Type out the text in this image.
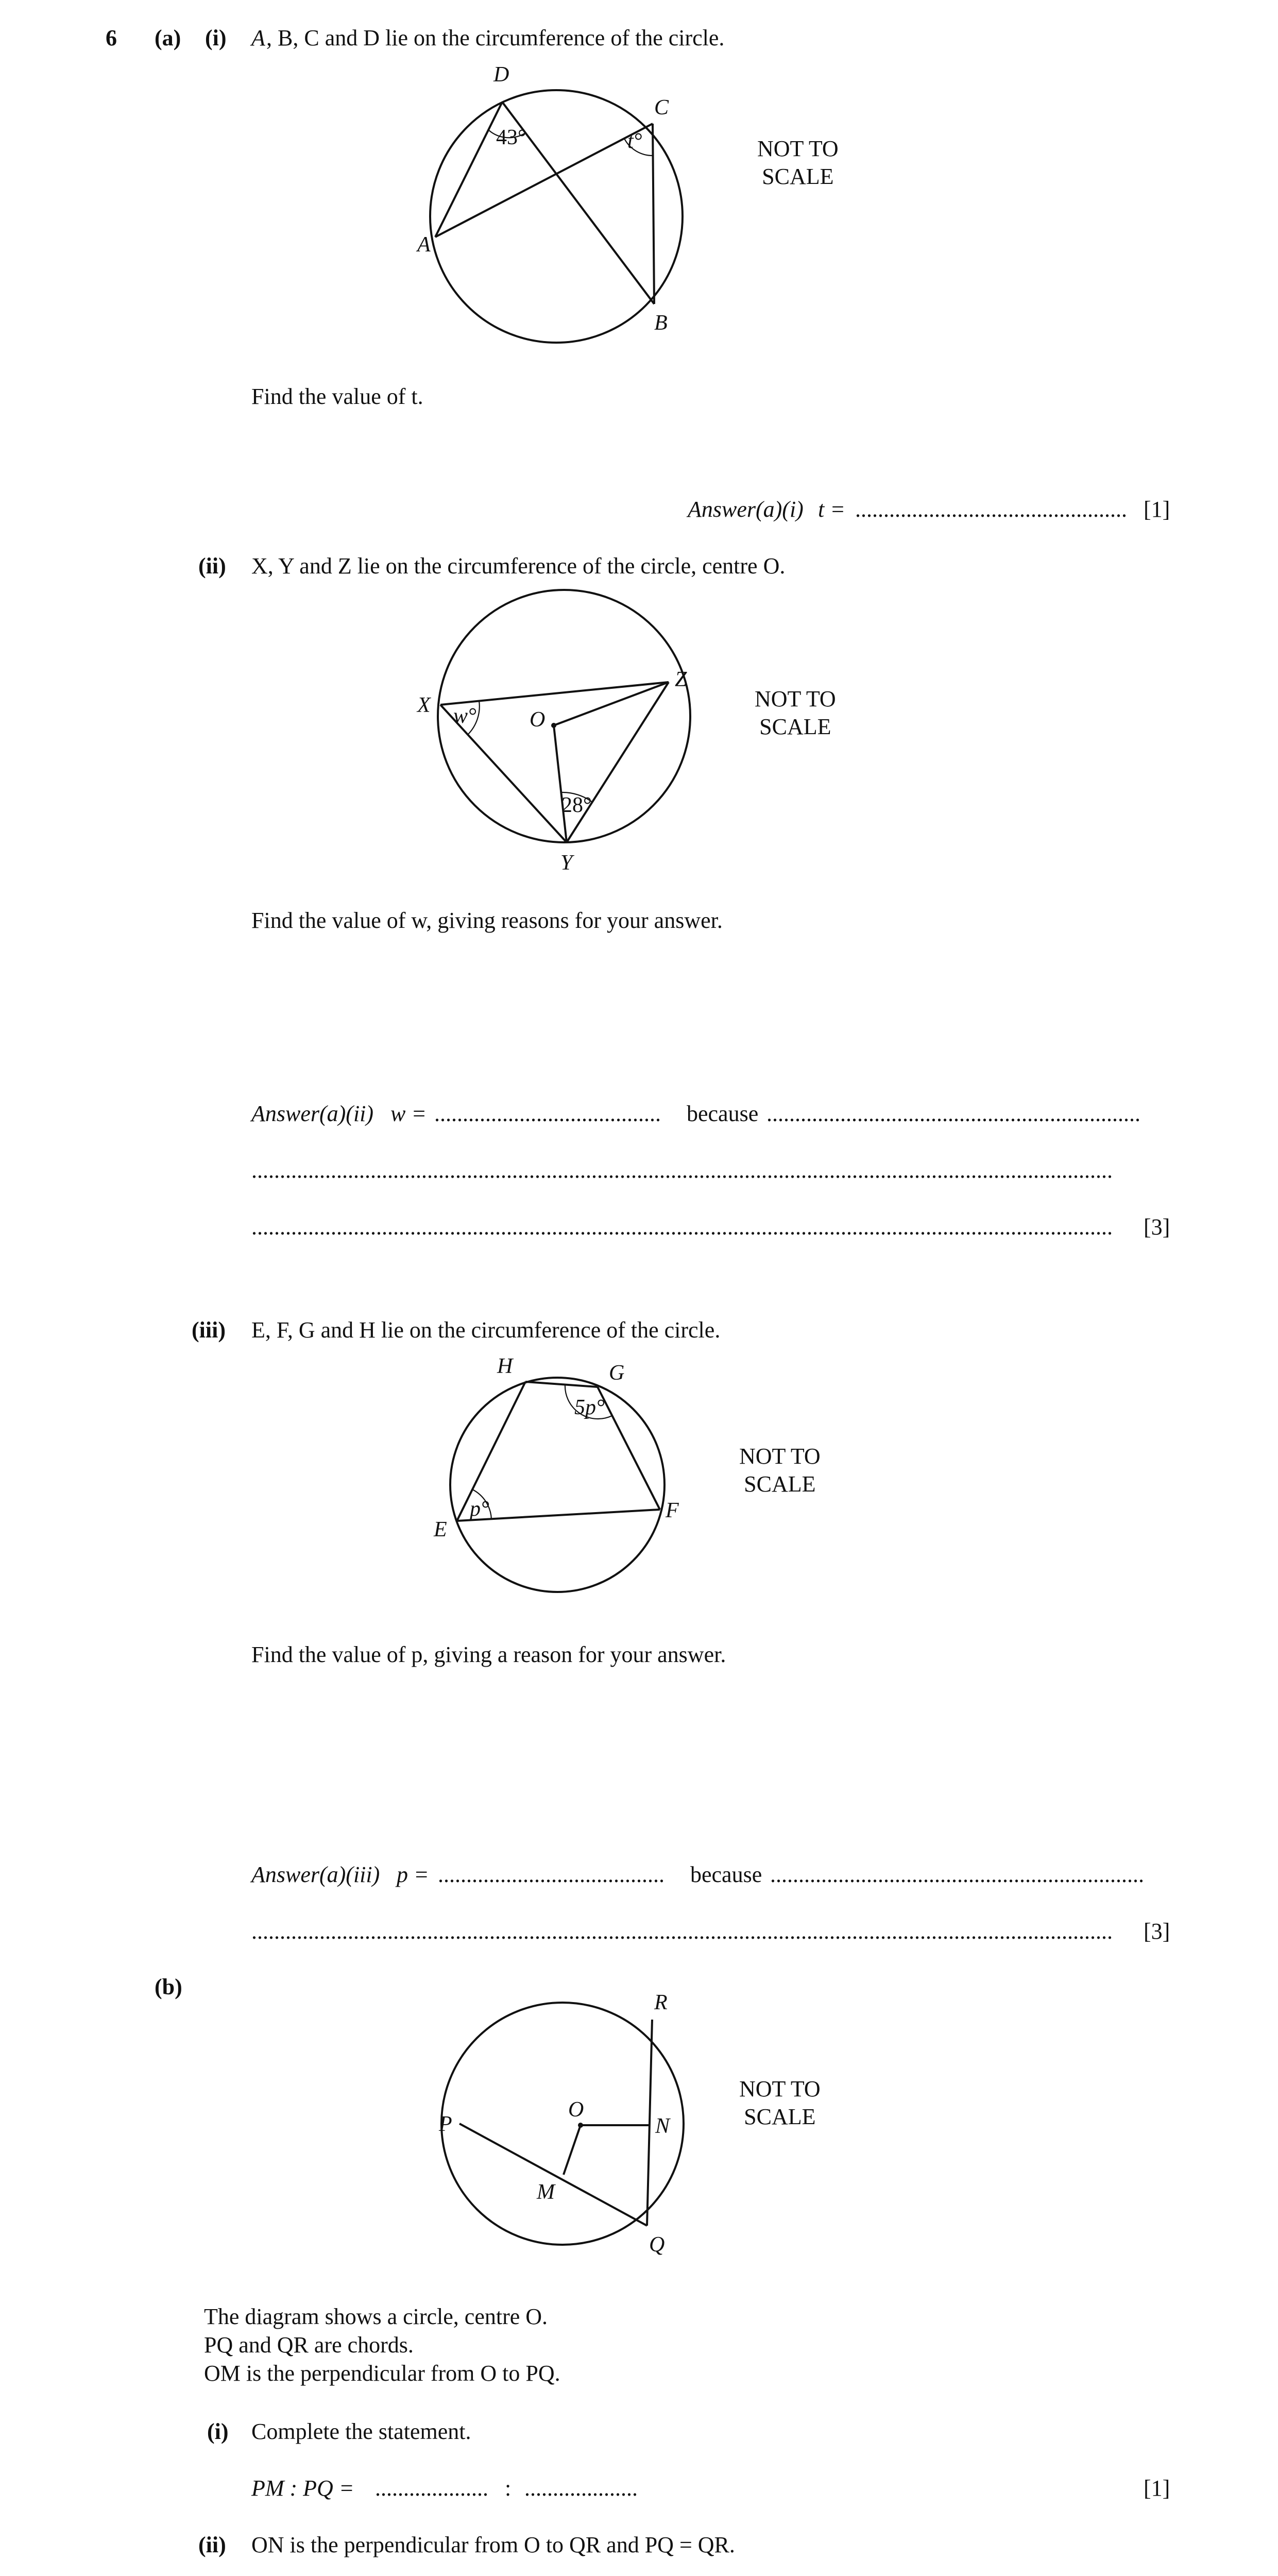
6 (a) (i) A , B, C and D lie on the circumference of the circle.
D
C
A
B
43°	t°	NOT TO
SCALE
Find the value of t.
Answer(a)(i) t = ................................................ [1]
(ii) X, Y and Z lie on the circumference of the circle, centre O.
X
Z
O
Y
w°
28°
NOT TO
SCALE
Find the value of w, giving reasons for your answer.
Answer(a)(ii) w = ........................................ because ..................................................................
........................................................................................................................................................
........................................................................................................................................................ [3]
(iii) E, F, G and H lie on the circumference of the circle.
H	G
E
F
5p°
p°
NOT TO
SCALE
Find the value of p, giving a reason for your answer.
Answer(a)(iii) p = ........................................ because ..................................................................
........................................................................................................................................................ [3]
(b)
R
P
O
N
M
Q
NOT TO
SCALE
The diagram shows a circle, centre O.
PQ and QR are chords.
OM is the perpendicular from O to PQ.
(i) Complete the statement.
PM : PQ = .................... : ....................	[1]
(ii) ON is the perpendicular from O to QR and PQ = QR.
